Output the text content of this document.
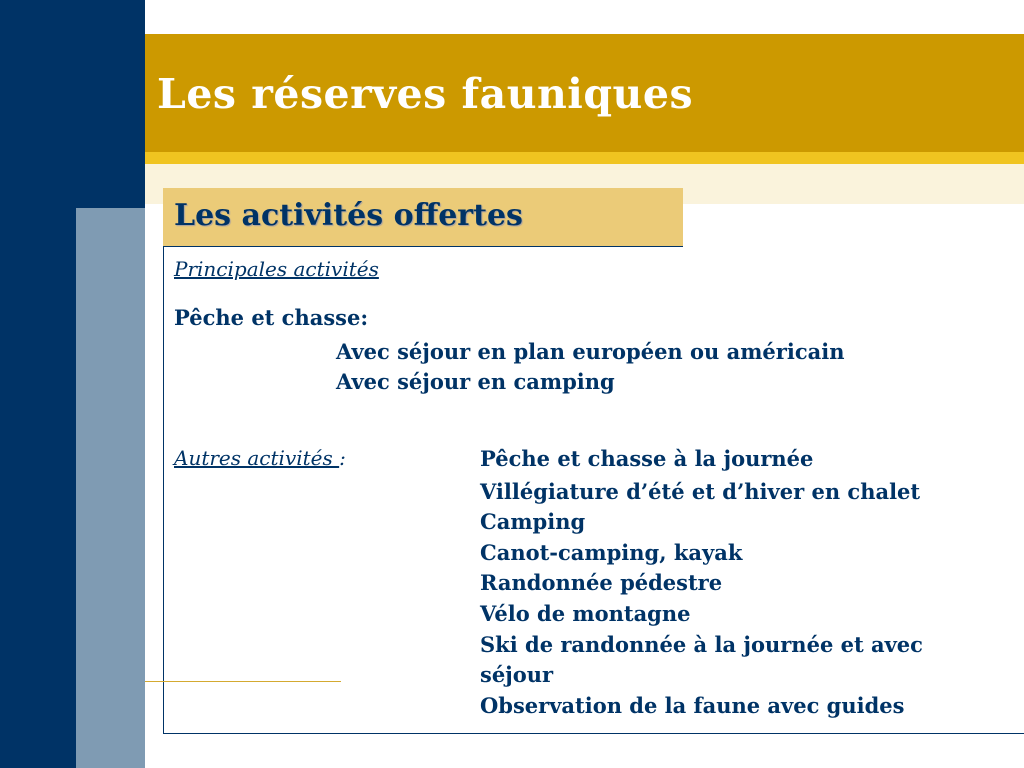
Les réserves fauniques
Les activités offertes
Principales activités
Pêche et chasse:
Avec séjour en plan européen ou américain
Avec séjour en camping
Autres activités :	Pêche et chasse à la journée
Villégiature d’été et d’hiver en chalet
Camping
Canot-camping, kayak
Randonnée pédestre
Vélo de montagne
Ski de randonnée à la journée et avec
séjour
Observation de la faune avec guides
